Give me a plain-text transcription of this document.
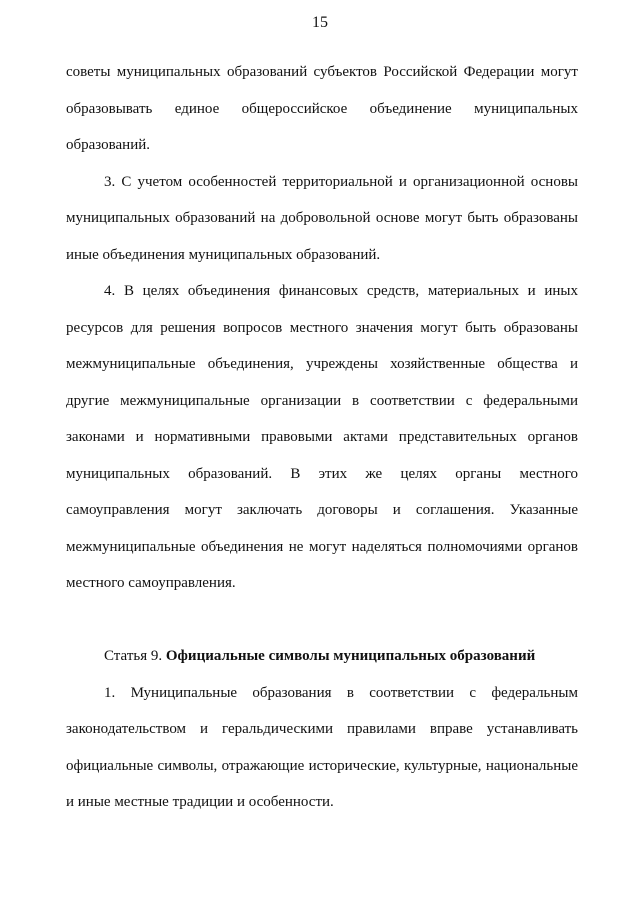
15

советы муниципальных образований субъектов Российской Федерации могут образовывать единое общероссийское объединение муниципальных образований.

3. С учетом особенностей территориальной и организационной основы муниципальных образований на добровольной основе могут быть образованы иные объединения муниципальных образований.

4. В целях объединения финансовых средств, материальных и иных ресурсов для решения вопросов местного значения могут быть образованы межмуниципальные объединения, учреждены хозяйственные общества и другие межмуниципальные организации в соответствии с федеральными законами и нормативными правовыми актами представительных органов муниципальных образований. В этих же целях органы местного самоуправления могут заключать договоры и соглашения. Указанные межмуниципальные объединения не могут наделяться полномочиями органов местного самоуправления.

Статья 9. Официальные символы муниципальных образований

1. Муниципальные образования в соответствии с федеральным законодательством и геральдическими правилами вправе устанавливать официальные символы, отражающие исторические, культурные, национальные и иные местные традиции и особенности.
